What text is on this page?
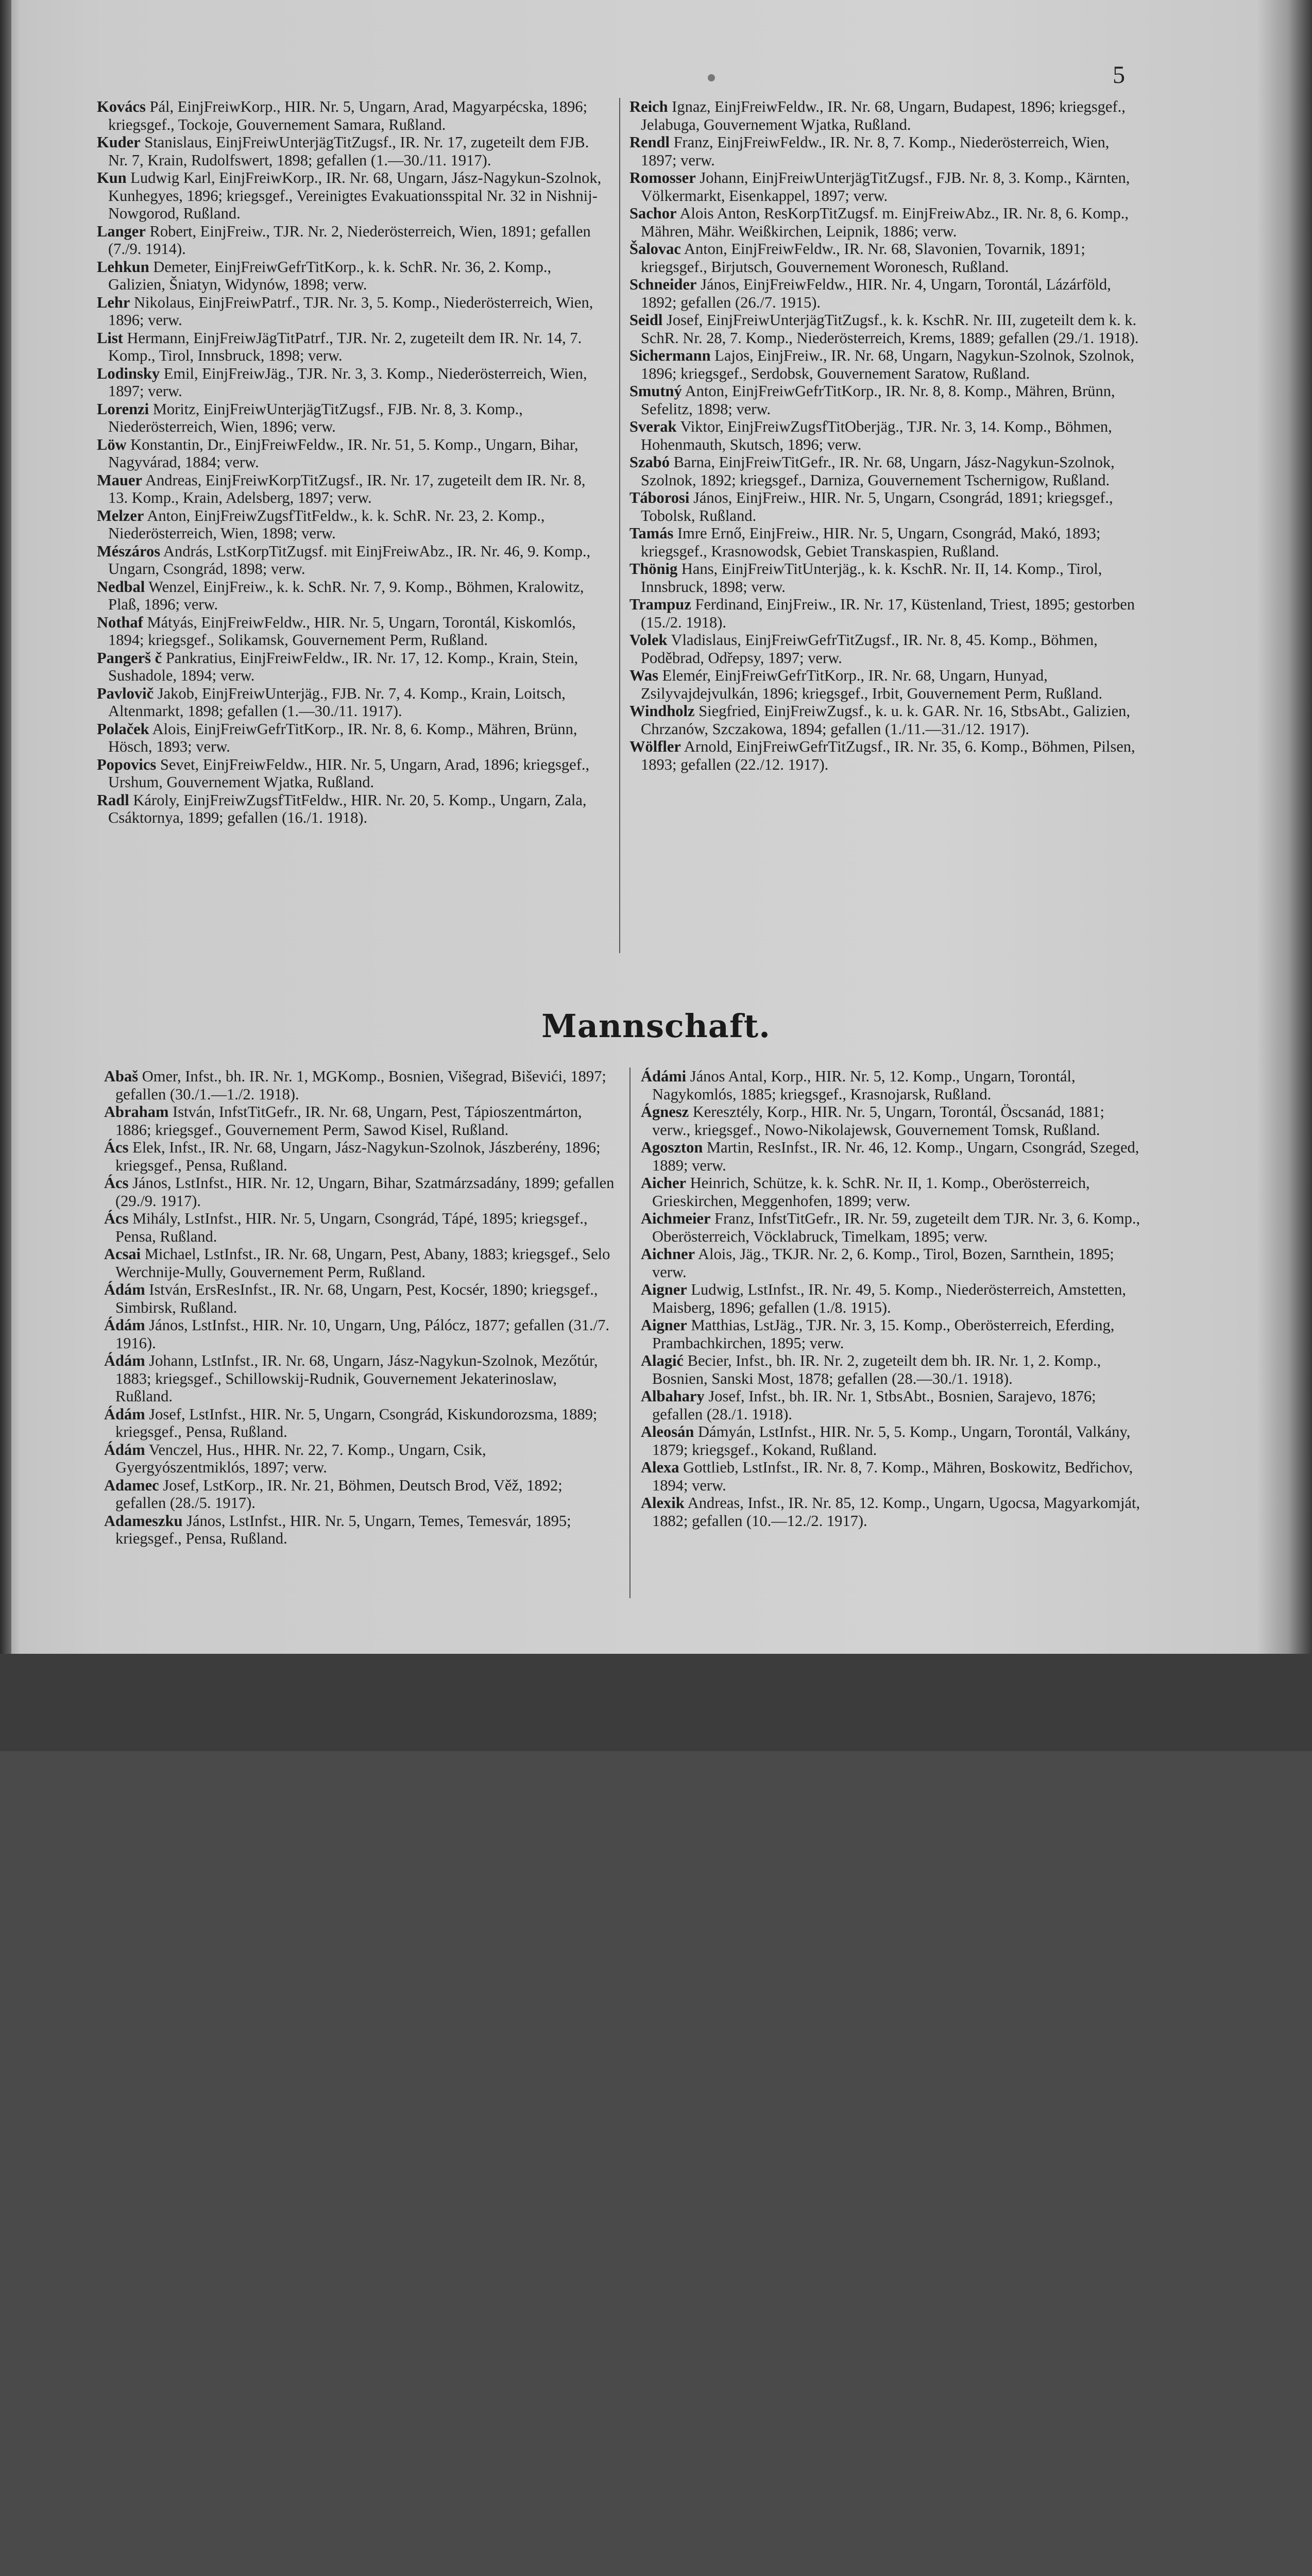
5

Kovács Pál, EinjFreiwKorp., HIR. Nr. 5, Ungarn, Arad, Magyarpécska, 1896; kriegsgef., Tockoje, Gouvernement Samara, Rußland.

Kuder Stanislaus, EinjFreiwUnterjägTitZugsf., IR. Nr. 17, zugeteilt dem FJB. Nr. 7, Krain, Rudolfswert, 1898; gefallen (1.—30./11. 1917).

Kun Ludwig Karl, EinjFreiwKorp., IR. Nr. 68, Ungarn, Jász-Nagykun-Szolnok, Kunhegyes, 1896; kriegsgef., Vereinigtes Evakuationsspital Nr. 32 in Nishnij-Nowgorod, Rußland.

Langer Robert, EinjFreiw., TJR. Nr. 2, Niederösterreich, Wien, 1891; gefallen (7./9. 1914).

Lehkun Demeter, EinjFreiwGefrTitKorp., k. k. SchR. Nr. 36, 2. Komp., Galizien, Šniatyn, Widynów, 1898; verw.

Lehr Nikolaus, EinjFreiwPatrf., TJR. Nr. 3, 5. Komp., Niederösterreich, Wien, 1896; verw.

List Hermann, EinjFreiwJägTitPatrf., TJR. Nr. 2, zugeteilt dem IR. Nr. 14, 7. Komp., Tirol, Innsbruck, 1898; verw.

Lodinsky Emil, EinjFreiwJäg., TJR. Nr. 3, 3. Komp., Niederösterreich, Wien, 1897; verw.

Lorenzi Moritz, EinjFreiwUnterjägTitZugsf., FJB. Nr. 8, 3. Komp., Niederösterreich, Wien, 1896; verw.

Löw Konstantin, Dr., EinjFreiwFeldw., IR. Nr. 51, 5. Komp., Ungarn, Bihar, Nagyvárad, 1884; verw.

Mauer Andreas, EinjFreiwKorpTitZugsf., IR. Nr. 17, zugeteilt dem IR. Nr. 8, 13. Komp., Krain, Adelsberg, 1897; verw.

Melzer Anton, EinjFreiwZugsfTitFeldw., k. k. SchR. Nr. 23, 2. Komp., Niederösterreich, Wien, 1898; verw.

Mészáros András, LstKorpTitZugsf. mit EinjFreiwAbz., IR. Nr. 46, 9. Komp., Ungarn, Csongrád, 1898; verw.

Nedbal Wenzel, EinjFreiw., k. k. SchR. Nr. 7, 9. Komp., Böhmen, Kralowitz, Plaß, 1896; verw.

Nothaf Mátyás, EinjFreiwFeldw., HIR. Nr. 5, Ungarn, Torontál, Kiskomlós, 1894; kriegsgef., Solikamsk, Gouvernement Perm, Rußland.

Pangerš č Pankratius, EinjFreiwFeldw., IR. Nr. 17, 12. Komp., Krain, Stein, Sushadole, 1894; verw.

Pavlovič Jakob, EinjFreiwUnterjäg., FJB. Nr. 7, 4. Komp., Krain, Loitsch, Altenmarkt, 1898; gefallen (1.—30./11. 1917).

Polaček Alois, EinjFreiwGefrTitKorp., IR. Nr. 8, 6. Komp., Mähren, Brünn, Hösch, 1893; verw.

Popovics Sevet, EinjFreiwFeldw., HIR. Nr. 5, Ungarn, Arad, 1896; kriegsgef., Urshum, Gouvernement Wjatka, Rußland.

Radl Károly, EinjFreiwZugsfTitFeldw., HIR. Nr. 20, 5. Komp., Ungarn, Zala, Csáktornya, 1899; gefallen (16./1. 1918).

Reich Ignaz, EinjFreiwFeldw., IR. Nr. 68, Ungarn, Budapest, 1896; kriegsgef., Jelabuga, Gouvernement Wjatka, Rußland.

Rendl Franz, EinjFreiwFeldw., IR. Nr. 8, 7. Komp., Niederösterreich, Wien, 1897; verw.

Romosser Johann, EinjFreiwUnterjägTitZugsf., FJB. Nr. 8, 3. Komp., Kärnten, Völkermarkt, Eisenkappel, 1897; verw.

Sachor Alois Anton, ResKorpTitZugsf. m. EinjFreiwAbz., IR. Nr. 8, 6. Komp., Mähren, Mähr. Weißkirchen, Leipnik, 1886; verw.

Šalovac Anton, EinjFreiwFeldw., IR. Nr. 68, Slavonien, Tovarnik, 1891; kriegsgef., Birjutsch, Gouvernement Woronesch, Rußland.

Schneider János, EinjFreiwFeldw., HIR. Nr. 4, Ungarn, Torontál, Lázárföld, 1892; gefallen (26./7. 1915).

Seidl Josef, EinjFreiwUnterjägTitZugsf., k. k. KschR. Nr. III, zugeteilt dem k. k. SchR. Nr. 28, 7. Komp., Niederösterreich, Krems, 1889; gefallen (29./1. 1918).

Sichermann Lajos, EinjFreiw., IR. Nr. 68, Ungarn, Nagykun-Szolnok, Szolnok, 1896; kriegsgef., Serdobsk, Gouvernement Saratow, Rußland.

Smutný Anton, EinjFreiwGefrTitKorp., IR. Nr. 8, 8. Komp., Mähren, Brünn, Sefelitz, 1898; verw.

Sverak Viktor, EinjFreiwZugsfTitOberjäg., TJR. Nr. 3, 14. Komp., Böhmen, Hohenmauth, Skutsch, 1896; verw.

Szabó Barna, EinjFreiwTitGefr., IR. Nr. 68, Ungarn, Jász-Nagykun-Szolnok, Szolnok, 1892; kriegsgef., Darniza, Gouvernement Tschernigow, Rußland.

Táborosi János, EinjFreiw., HIR. Nr. 5, Ungarn, Csongrád, 1891; kriegsgef., Tobolsk, Rußland.

Tamás Imre Ernő, EinjFreiw., HIR. Nr. 5, Ungarn, Csongrád, Makó, 1893; kriegsgef., Krasnowodsk, Gebiet Transkaspien, Rußland.

Thönig Hans, EinjFreiwTitUnterjäg., k. k. KschR. Nr. II, 14. Komp., Tirol, Innsbruck, 1898; verw.

Trampuz Ferdinand, EinjFreiw., IR. Nr. 17, Küstenland, Triest, 1895; gestorben (15./2. 1918).

Volek Vladislaus, EinjFreiwGefrTitZugsf., IR. Nr. 8, 45. Komp., Böhmen, Poděbrad, Odřepsy, 1897; verw.

Was Elemér, EinjFreiwGefrTitKorp., IR. Nr. 68, Ungarn, Hunyad, Zsilyvajdejvulkán, 1896; kriegsgef., Irbit, Gouvernement Perm, Rußland.

Windholz Siegfried, EinjFreiwZugsf., k. u. k. GAR. Nr. 16, StbsAbt., Galizien, Chrzanów, Szczakowa, 1894; gefallen (1./11.—31./12. 1917).

Wölfler Arnold, EinjFreiwGefrTitZugsf., IR. Nr. 35, 6. Komp., Böhmen, Pilsen, 1893; gefallen (22./12. 1917).

Mannschaft.

Abaš Omer, Infst., bh. IR. Nr. 1, MGKomp., Bosnien, Višegrad, Biševići, 1897; gefallen (30./1.—1./2. 1918).

Abraham István, InfstTitGefr., IR. Nr. 68, Ungarn, Pest, Tápioszentmárton, 1886; kriegsgef., Gouvernement Perm, Sawod Kisel, Rußland.

Ács Elek, Infst., IR. Nr. 68, Ungarn, Jász-Nagykun-Szolnok, Jászberény, 1896; kriegsgef., Pensa, Rußland.

Ács János, LstInfst., HIR. Nr. 12, Ungarn, Bihar, Szatmárzsadány, 1899; gefallen (29./9. 1917).

Ács Mihály, LstInfst., HIR. Nr. 5, Ungarn, Csongrád, Tápé, 1895; kriegsgef., Pensa, Rußland.

Acsai Michael, LstInfst., IR. Nr. 68, Ungarn, Pest, Abany, 1883; kriegsgef., Selo Werchnije-Mully, Gouvernement Perm, Rußland.

Ádám István, ErsResInfst., IR. Nr. 68, Ungarn, Pest, Kocsér, 1890; kriegsgef., Simbirsk, Rußland.

Ádám János, LstInfst., HIR. Nr. 10, Ungarn, Ung, Pálócz, 1877; gefallen (31./7. 1916).

Ádám Johann, LstInfst., IR. Nr. 68, Ungarn, Jász-Nagykun-Szolnok, Mezőtúr, 1883; kriegsgef., Schillowskij-Rudnik, Gouvernement Jekaterinoslaw, Rußland.

Ádám Josef, LstInfst., HIR. Nr. 5, Ungarn, Csongrád, Kiskundorozsma, 1889; kriegsgef., Pensa, Rußland.

Ádám Venczel, Hus., HHR. Nr. 22, 7. Komp., Ungarn, Csik, Gyergyószentmiklós, 1897; verw.

Adamec Josef, LstKorp., IR. Nr. 21, Böhmen, Deutsch Brod, Věž, 1892; gefallen (28./5. 1917).

Adameszku János, LstInfst., HIR. Nr. 5, Ungarn, Temes, Temesvár, 1895; kriegsgef., Pensa, Rußland.

Ádámi János Antal, Korp., HIR. Nr. 5, 12. Komp., Ungarn, Torontál, Nagykomlós, 1885; kriegsgef., Krasnojarsk, Rußland.

Ágnesz Keresztély, Korp., HIR. Nr. 5, Ungarn, Torontál, Öscsanád, 1881; verw., kriegsgef., Nowo-Nikolajewsk, Gouvernement Tomsk, Rußland.

Agoszton Martin, ResInfst., IR. Nr. 46, 12. Komp., Ungarn, Csongrád, Szeged, 1889; verw.

Aicher Heinrich, Schütze, k. k. SchR. Nr. II, 1. Komp., Oberösterreich, Grieskirchen, Meggenhofen, 1899; verw.

Aichmeier Franz, InfstTitGefr., IR. Nr. 59, zugeteilt dem TJR. Nr. 3, 6. Komp., Oberösterreich, Vöcklabruck, Timelkam, 1895; verw.

Aichner Alois, Jäg., TKJR. Nr. 2, 6. Komp., Tirol, Bozen, Sarnthein, 1895; verw.

Aigner Ludwig, LstInfst., IR. Nr. 49, 5. Komp., Niederösterreich, Amstetten, Maisberg, 1896; gefallen (1./8. 1915).

Aigner Matthias, LstJäg., TJR. Nr. 3, 15. Komp., Oberösterreich, Eferding, Prambachkirchen, 1895; verw.

Alagić Becier, Infst., bh. IR. Nr. 2, zugeteilt dem bh. IR. Nr. 1, 2. Komp., Bosnien, Sanski Most, 1878; gefallen (28.—30./1. 1918).

Albahary Josef, Infst., bh. IR. Nr. 1, StbsAbt., Bosnien, Sarajevo, 1876; gefallen (28./1. 1918).

Aleosán Dámyán, LstInfst., HIR. Nr. 5, 5. Komp., Ungarn, Torontál, Valkány, 1879; kriegsgef., Kokand, Rußland.

Alexa Gottlieb, LstInfst., IR. Nr. 8, 7. Komp., Mähren, Boskowitz, Bedřichov, 1894; verw.

Alexik Andreas, Infst., IR. Nr. 85, 12. Komp., Ungarn, Ugocsa, Magyarkomját, 1882; gefallen (10.—12./2. 1917).
